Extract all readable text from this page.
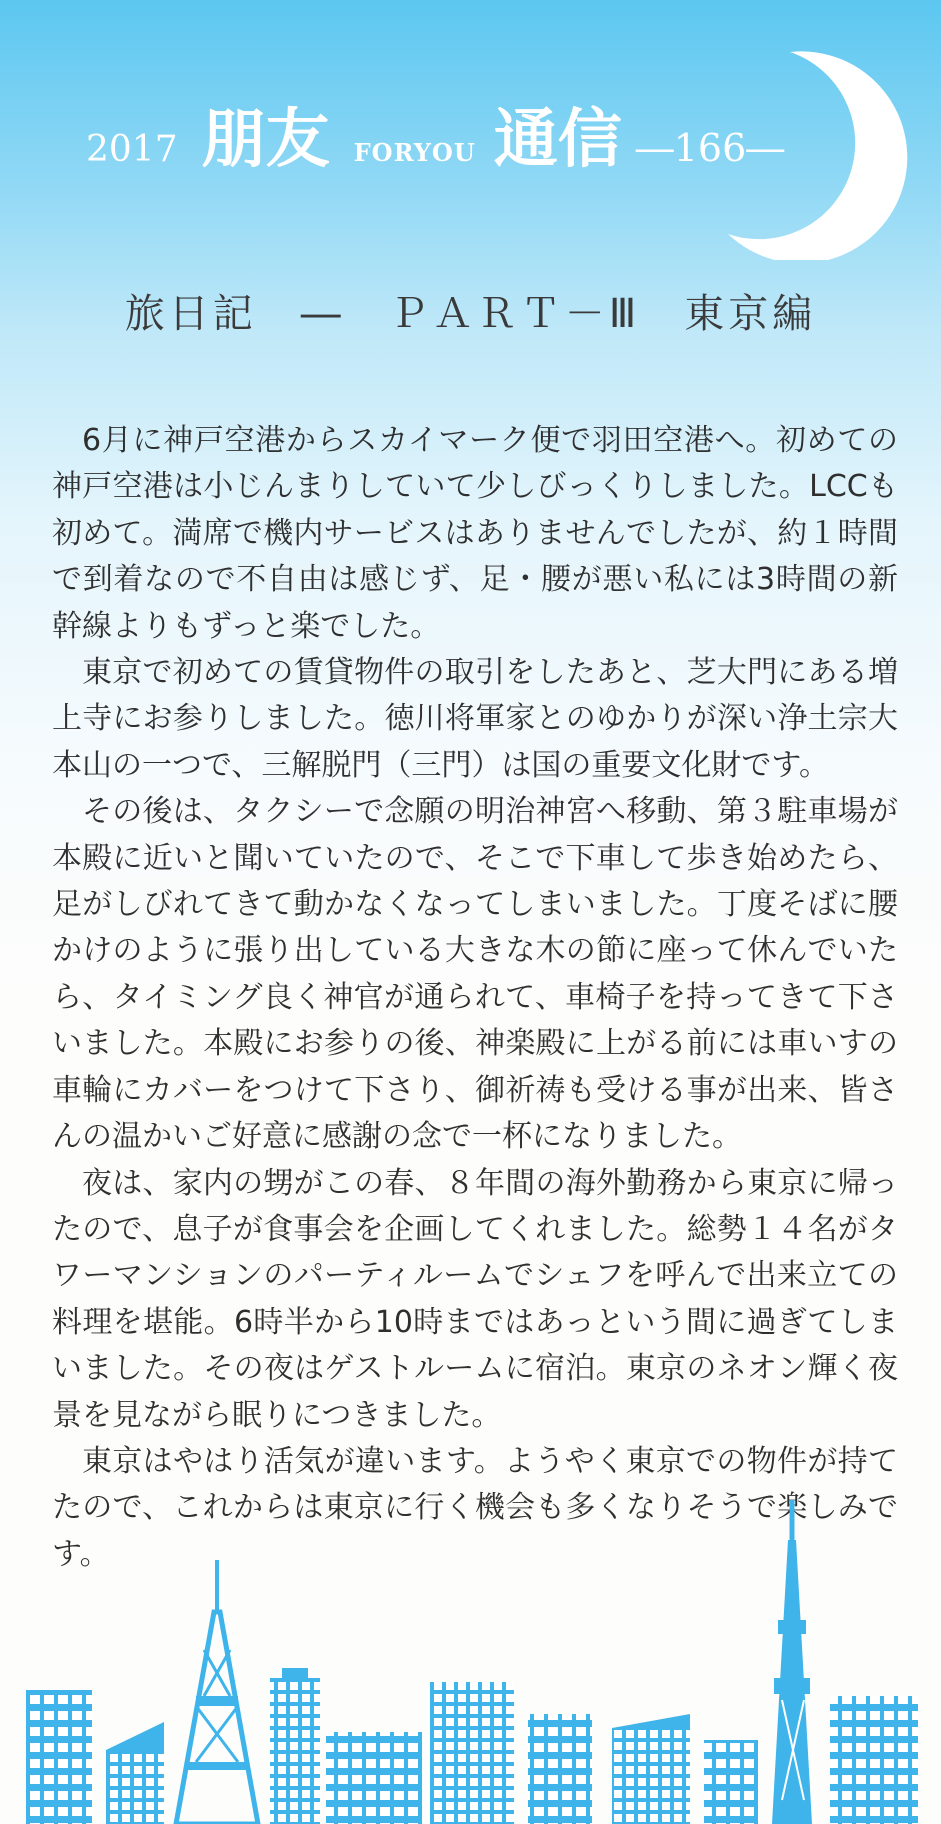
2017 朋友 FORYOU 通信 ―166―
旅日記　―　ＰＡＲＴ－Ⅲ　東京編

6月に神戸空港からスカイマーク便で羽田空港へ。初めての神戸空港は小じんまりしていて少しびっくりしました。LCCも初めて。満席で機内サービスはありませんでしたが、約１時間で到着なので不自由は感じず、足・腰が悪い私には3時間の新幹線よりもずっと楽でした。

東京で初めての賃貸物件の取引をしたあと、芝大門にある増上寺にお参りしました。徳川将軍家とのゆかりが深い浄土宗大本山の一つで、三解脱門（三門）は国の重要文化財です。

その後は、タクシーで念願の明治神宮へ移動、第３駐車場が本殿に近いと聞いていたので、そこで下車して歩き始めたら、足がしびれてきて動かなくなってしまいました。丁度そばに腰かけのように張り出している大きな木の節に座って休んでいたら、タイミング良く神官が通られて、車椅子を持ってきて下さいました。本殿にお参りの後、神楽殿に上がる前には車いすの車輪にカバーをつけて下さり、御祈祷も受ける事が出来、皆さんの温かいご好意に感謝の念で一杯になりました。

夜は、家内の甥がこの春、８年間の海外勤務から東京に帰ったので、息子が食事会を企画してくれました。総勢１４名がタワーマンションのパーティルームでシェフを呼んで出来立ての料理を堪能。6時半から10時まではあっという間に過ぎてしまいました。その夜はゲストルームに宿泊。東京のネオン輝く夜景を見ながら眠りにつきました。

東京はやはり活気が違います。ようやく東京での物件が持てたので、これからは東京に行く機会も多くなりそうで楽しみです。
